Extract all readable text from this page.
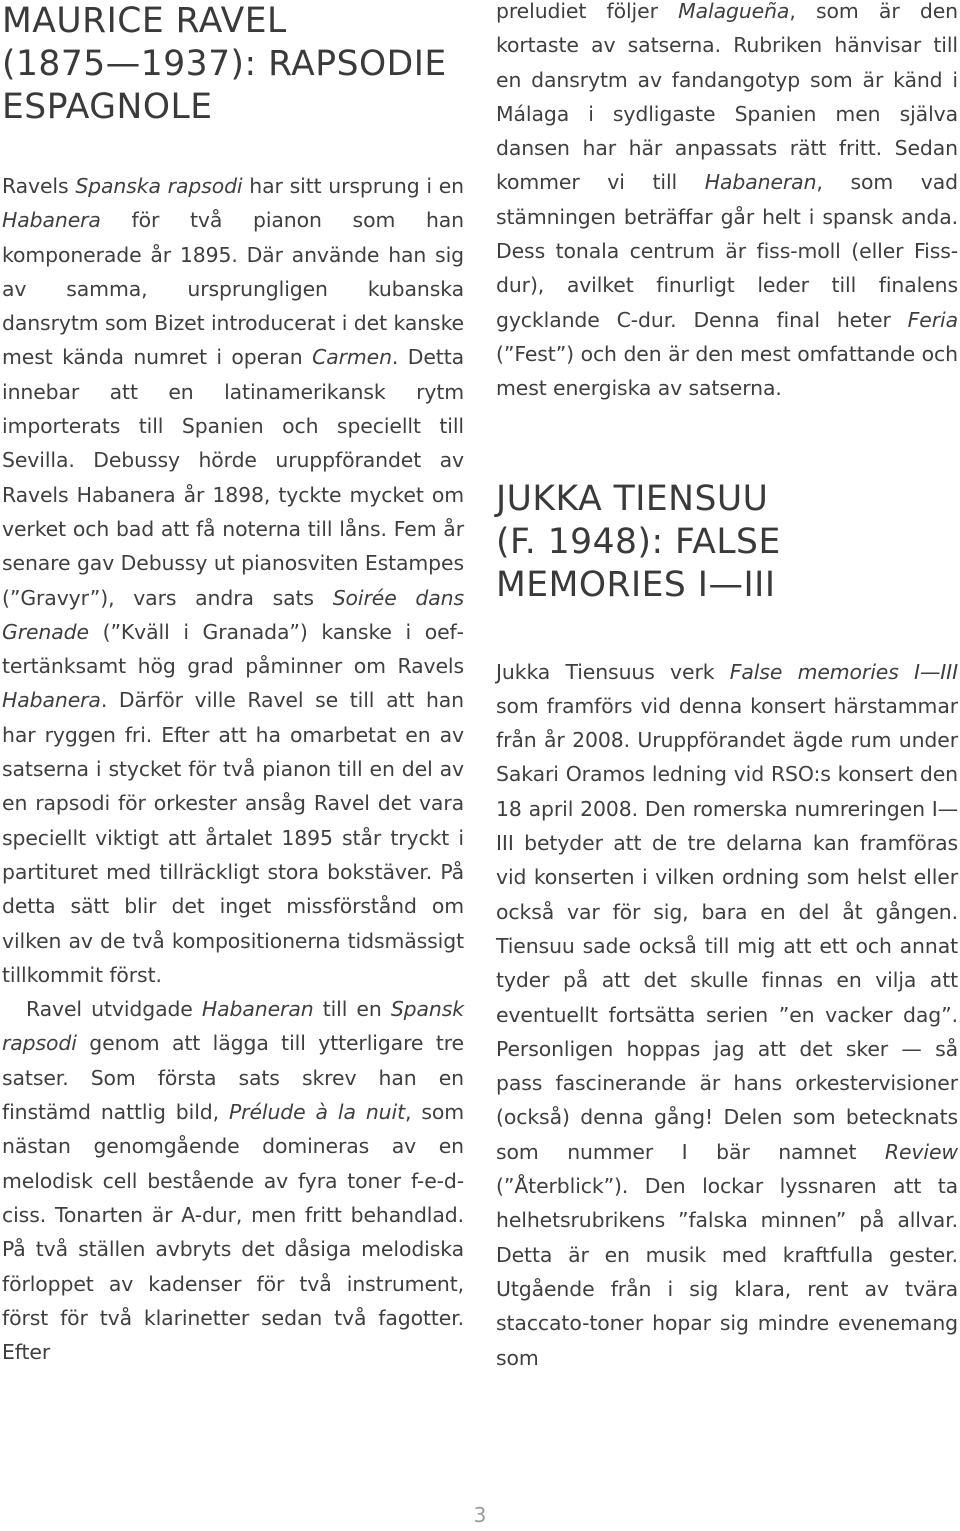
MAURICE RAVEL
(1875—1937): RAPSODIE
ESPAGNOLE

Ravels Spanska rapsodi har sitt ursprung i en Habanera för två pianon som han komponerade år 1895. Där använde han sig av samma, ursprungligen kubanska dansrytm som Bizet introducerat i det kanske mest kända numret i operan Carmen. Detta innebar att en latinamerikansk rytm importerats till Spanien och speciellt till Sevilla. Debussy hörde uruppförandet av Ravels Habanera år 1898, tyckte mycket om verket och bad att få noterna till låns. Fem år senare gav Debussy ut pianosviten Estampes (”Gravyr”), vars andra sats Soirée dans Grenade (”Kväll i Granada”) kanske i oeftertänksamt hög grad påminner om Ravels Habanera. Därför ville Ravel se till att han har ryggen fri. Efter att ha omarbetat en av satserna i stycket för två pianon till en del av en rapsodi för orkester ansåg Ravel det vara speciellt viktigt att årtalet 1895 står tryckt i partituret med tillräckligt stora bokstäver. På detta sätt blir det inget missförstånd om vilken av de två kompositionerna tidsmässigt tillkommit först.

Ravel utvidgade Habaneran till en Spansk rapsodi genom att lägga till ytterligare tre satser. Som första sats skrev han en finstämd nattlig bild, Prélude à la nuit, som nästan genomgående domineras av en melodisk cell bestående av fyra toner f-e-d-ciss. Tonarten är A-dur, men fritt behandlad. På två ställen avbryts det dåsiga melodiska förloppet av kadenser för två instrument, först för två klarinetter sedan två fagotter. Efter

preludiet följer Malagueña, som är den kortaste av satserna. Rubriken hänvisar till en dansrytm av fandangotyp som är känd i Málaga i sydligaste Spanien men själva dansen har här anpassats rätt fritt. Sedan kommer vi till Habaneran, som vad stämningen beträffar går helt i spansk anda. Dess tonala centrum är fiss-moll (eller Fiss-dur), avilket finurligt leder till finalens gycklande C-dur. Denna final heter Feria (”Fest”) och den är den mest omfattande och mest energiska av satserna.

JUKKA TIENSUU
(F. 1948): FALSE
MEMORIES I—III

Jukka Tiensuus verk False memories I—III som framförs vid denna konsert härstammar från år 2008. Uruppförandet ägde rum under Sakari Oramos ledning vid RSO:s konsert den 18 april 2008. Den romerska numreringen I—III betyder att de tre delarna kan framföras vid konserten i vilken ordning som helst eller också var för sig, bara en del åt gången. Tiensuu sade också till mig att ett och annat tyder på att det skulle finnas en vilja att eventuellt fortsätta serien ”en vacker dag”. Personligen hoppas jag att det sker — så pass fascinerande är hans orkestervisioner (också) denna gång! Delen som betecknats som nummer I bär namnet Review (”Återblick”). Den lockar lyssnaren att ta helhetsrubrikens ”falska minnen” på allvar. Detta är en musik med kraftfulla gester. Utgående från i sig klara, rent av tvära staccato-toner hopar sig mindre evenemang som

3
